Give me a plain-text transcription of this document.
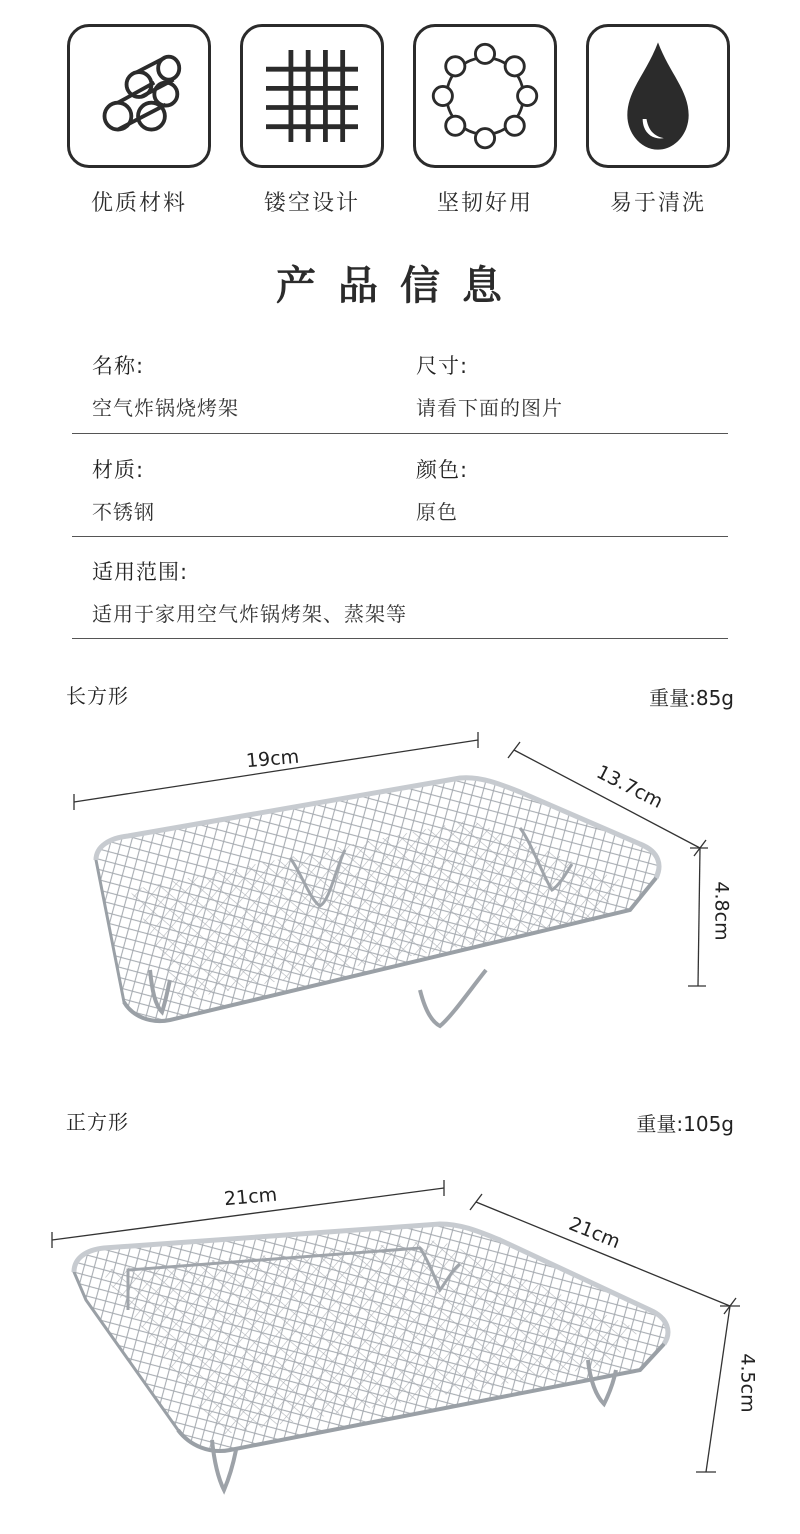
优质材料	镂空设计	坚韧好用	易于清洗
产品信息
名称:
空气炸锅烧烤架
尺寸:
请看下面的图片
材质:
不锈钢
颜色:
原色
适用范围:
适用于家用空气炸锅烤架、蒸架等
长方形	重量:85g
19cm
13.7cm
4.8cm
正方形	重量:105g
21cm
21cm
4.5cm
